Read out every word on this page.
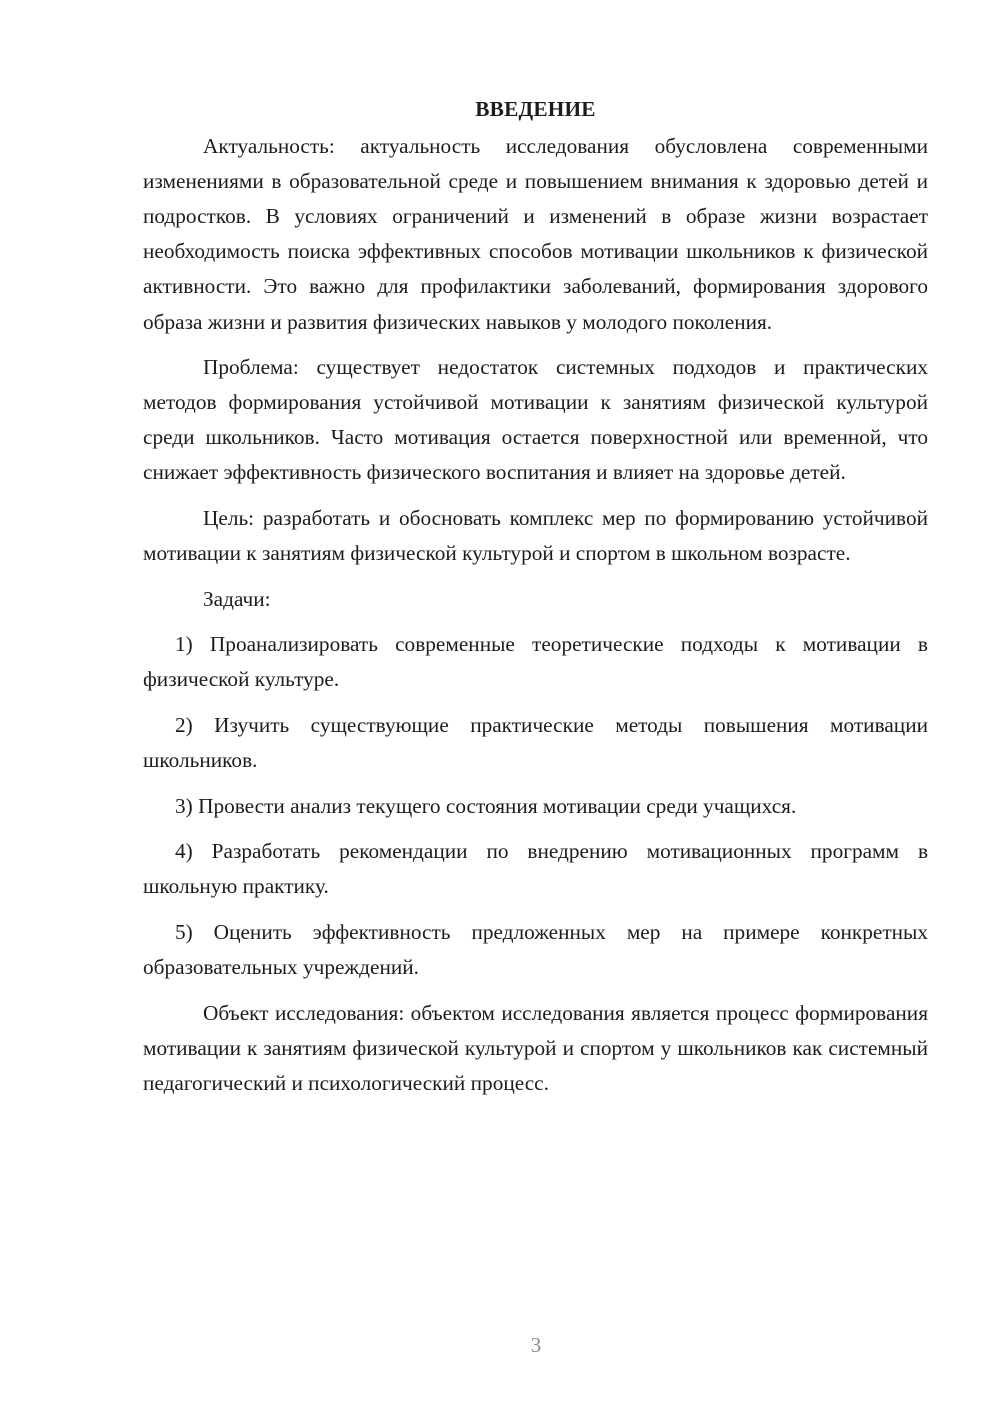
ВВЕДЕНИЕ

Актуальность: актуальность исследования обусловлена современными изменениями в образовательной среде и повышением внимания к здоровью детей и подростков. В условиях ограничений и изменений в образе жизни возрастает необходимость поиска эффективных способов мотивации школьников к физической активности. Это важно для профилактики заболеваний, формирования здорового образа жизни и развития физических навыков у молодого поколения.

Проблема: существует недостаток системных подходов и практических методов формирования устойчивой мотивации к занятиям физической культурой среди школьников. Часто мотивация остается поверхностной или временной, что снижает эффективность физического воспитания и влияет на здоровье детей.

Цель: разработать и обосновать комплекс мер по формированию устойчивой мотивации к занятиям физической культурой и спортом в школьном возрасте.

Задачи:

1) Проанализировать современные теоретические подходы к мотивации в физической культуре.

2) Изучить существующие практические методы повышения мотивации школьников.

3) Провести анализ текущего состояния мотивации среди учащихся.

4) Разработать рекомендации по внедрению мотивационных программ в школьную практику.

5) Оценить эффективность предложенных мер на примере конкретных образовательных учреждений.

Объект исследования: объектом исследования является процесс формирования мотивации к занятиям физической культурой и спортом у школьников как системный педагогический и психологический процесс.

3
